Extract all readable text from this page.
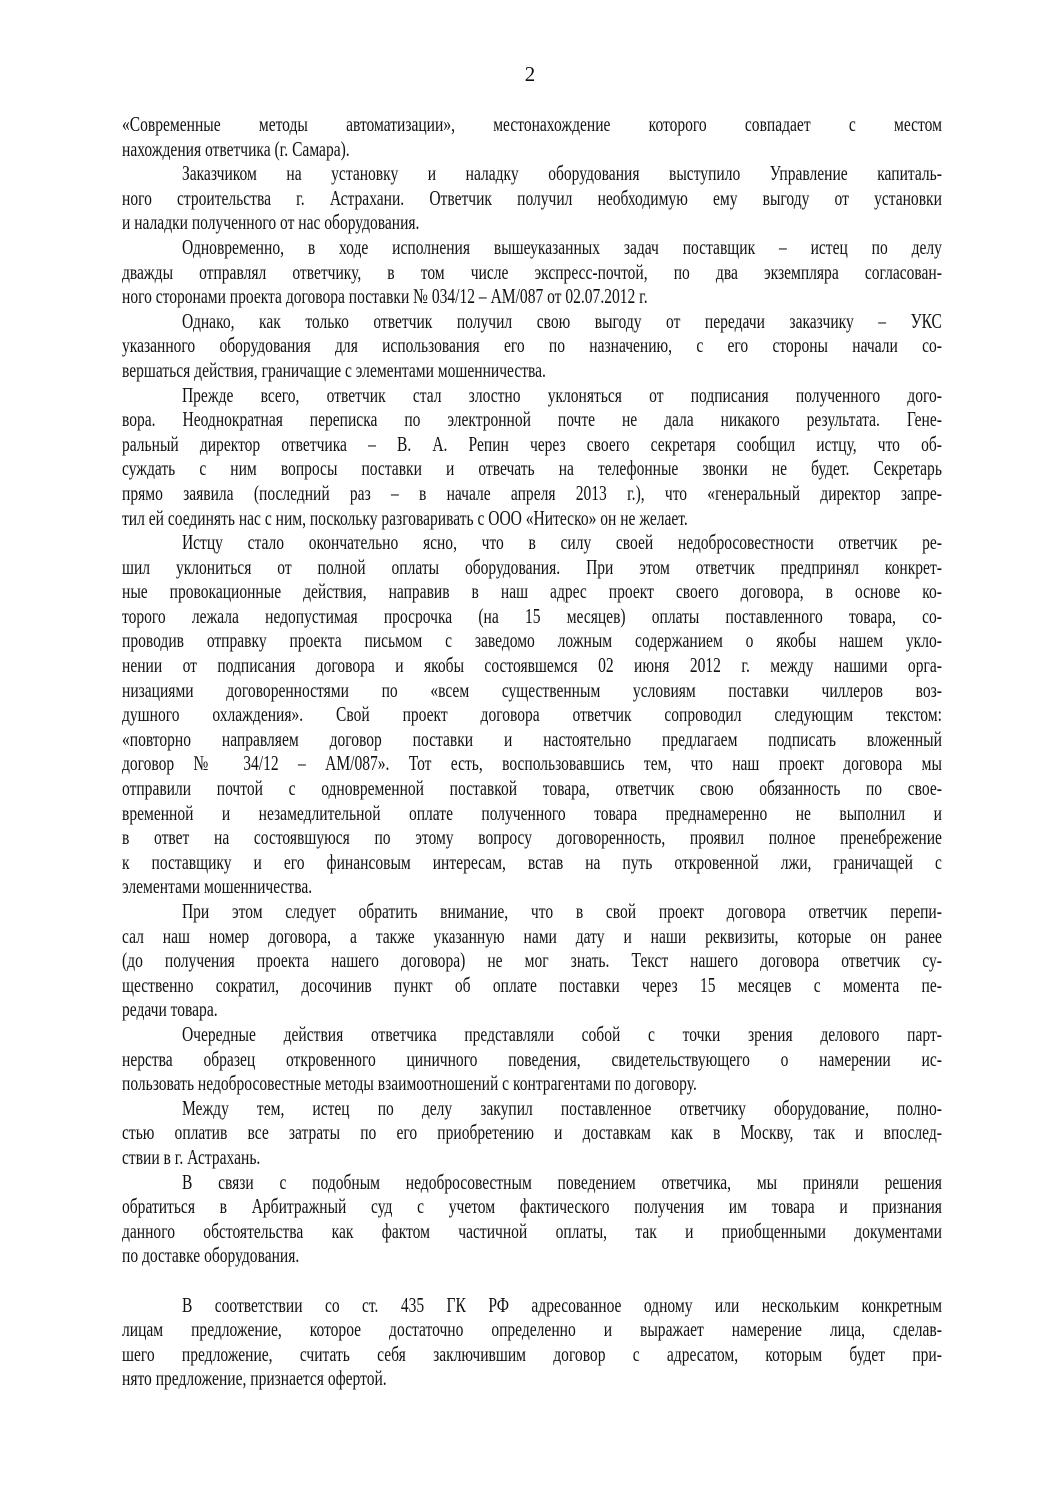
2
«Современные методы автоматизации», местонахождение которого совпадает с местом
нахождения ответчика (г. Самара).
Заказчиком на установку и наладку оборудования выступило Управление капиталь-
ного строительства г. Астрахани. Ответчик получил необходимую ему выгоду от установки
и наладки полученного от нас оборудования.
Одновременно, в ходе исполнения вышеуказанных задач поставщик – истец по делу
дважды отправлял ответчику, в том числе экспресс-почтой, по два экземпляра согласован-
ного сторонами проекта договора поставки № 034/12 – АМ/087 от 02.07.2012 г.
Однако, как только ответчик получил свою выгоду от передачи заказчику – УКС
указанного оборудования для использования его по назначению, с его стороны начали со-
вершаться действия, граничащие с элементами мошенничества.
Прежде всего, ответчик стал злостно уклоняться от подписания полученного дого-
вора. Неоднократная переписка по электронной почте не дала никакого результата. Гене-
ральный директор ответчика – В. А. Репин через своего секретаря сообщил истцу, что об-
суждать с ним вопросы поставки и отвечать на телефонные звонки не будет. Секретарь
прямо заявила (последний раз – в начале апреля 2013 г.), что «генеральный директор запре-
тил ей соединять нас с ним, поскольку разговаривать с ООО «Нитеско» он не желает.
Истцу стало окончательно ясно, что в силу своей недобросовестности ответчик ре-
шил уклониться от полной оплаты оборудования. При этом ответчик предпринял конкрет-
ные провокационные действия, направив в наш адрес проект своего договора, в основе ко-
торого лежала недопустимая просрочка (на 15 месяцев) оплаты поставленного товара, со-
проводив отправку проекта письмом с заведомо ложным содержанием о якобы нашем укло-
нении от подписания договора и якобы состоявшемся 02 июня 2012 г. между нашими орга-
низациями договоренностями по «всем существенным условиям поставки чиллеров воз-
душного охлаждения». Свой проект договора ответчик сопроводил следующим текстом:
«повторно направляем договор поставки и настоятельно предлагаем подписать вложенный
договор № 34/12 – АМ/087». Тот есть, воспользовавшись тем, что наш проект договора мы
отправили почтой с одновременной поставкой товара, ответчик свою обязанность по свое-
временной и незамедлительной оплате полученного товара преднамеренно не выполнил и
в ответ на состоявшуюся по этому вопросу договоренность, проявил полное пренебрежение
к поставщику и его финансовым интересам, встав на путь откровенной лжи, граничащей с
элементами мошенничества.
При этом следует обратить внимание, что в свой проект договора ответчик перепи-
сал наш номер договора, а также указанную нами дату и наши реквизиты, которые он ранее
(до получения проекта нашего договора) не мог знать. Текст нашего договора ответчик су-
щественно сократил, досочинив пункт об оплате поставки через 15 месяцев с момента пе-
редачи товара.
Очередные действия ответчика представляли собой с точки зрения делового парт-
нерства образец откровенного циничного поведения, свидетельствующего о намерении ис-
пользовать недобросовестные методы взаимоотношений с контрагентами по договору.
Между тем, истец по делу закупил поставленное ответчику оборудование, полно-
стью оплатив все затраты по его приобретению и доставкам как в Москву, так и впослед-
ствии в г. Астрахань.
В связи с подобным недобросовестным поведением ответчика, мы приняли решения
обратиться в Арбитражный суд с учетом фактического получения им товара и признания
данного обстоятельства как фактом частичной оплаты, так и приобщенными документами
по доставке оборудования.
В соответствии со ст. 435 ГК РФ адресованное одному или нескольким конкретным
лицам предложение, которое достаточно определенно и выражает намерение лица, сделав-
шего предложение, считать себя заключившим договор с адресатом, которым будет при-
нято предложение, признается офертой.
